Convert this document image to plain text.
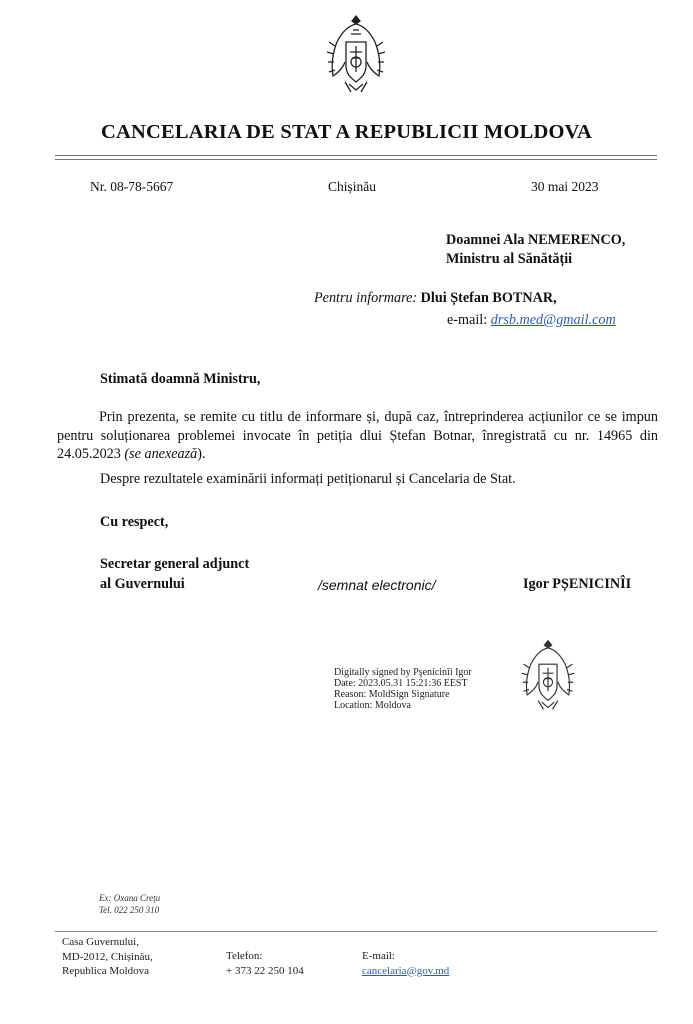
CANCELARIA DE STAT A REPUBLICII MOLDOVA
Nr. 08-78-5667	Chișinău	30 mai 2023
Doamnei Ala NEMERENCO,
Ministru al Sănătății
Pentru informare: Dlui Ștefan BOTNAR,
e-mail: drsb.med@gmail.com
Stimată doamnă Ministru,
Prin prezenta, se remite cu titlu de informare și, după caz, întreprinderea acțiunilor ce se impun pentru soluționarea problemei invocate în petiția dlui Ștefan Botnar, înregistrată cu nr. 14965 din 24.05.2023 (se anexează).
Despre rezultatele examinării informați petiționarul și Cancelaria de Stat.
Cu respect,
Secretar general adjunct
al Guvernului	/semnat electronic/	Igor PȘENICINÎI
Digitally signed by Pşenicinîi Igor
Date: 2023.05.31 15:21:36 EEST
Reason: MoldSign Signature
Location: Moldova
Ex: Oxana Crețu
Tel. 022 250 310
Casa Guvernului,
MD-2012, Chișinău,
Republica Moldova
Telefon:
+ 373 22 250 104
E-mail:
cancelaria@gov.md
